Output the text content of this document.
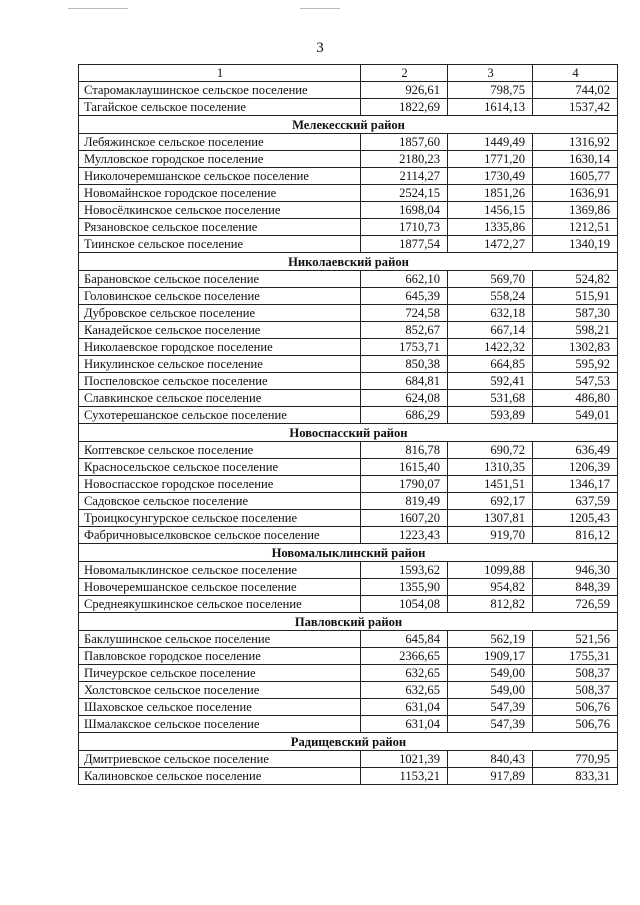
3
1	2	3	4
Старомаклаушинское сельское поселение	926,61	798,75	744,02
Тагайское сельское поселение	1822,69	1614,13	1537,42
Мелекесский район			
Лебяжинское сельское поселение	1857,60	1449,49	1316,92
Мулловское городское поселение	2180,23	1771,20	1630,14
Николочеремшанское сельское поселение	2114,27	1730,49	1605,77
Новомайнское городское поселение	2524,15	1851,26	1636,91
Новосёлкинское сельское поселение	1698,04	1456,15	1369,86
Рязановское сельское поселение	1710,73	1335,86	1212,51
Тиинское сельское поселение	1877,54	1472,27	1340,19
Николаевский район			
Барановское сельское поселение	662,10	569,70	524,82
Головинское сельское поселение	645,39	558,24	515,91
Дубровское сельское поселение	724,58	632,18	587,30
Канадейское сельское поселение	852,67	667,14	598,21
Николаевское городское поселение	1753,71	1422,32	1302,83
Никулинское сельское поселение	850,38	664,85	595,92
Поспеловское сельское поселение	684,81	592,41	547,53
Славкинское сельское поселение	624,08	531,68	486,80
Сухотерешанское сельское поселение	686,29	593,89	549,01
Новоспасский район			
Коптевское сельское поселение	816,78	690,72	636,49
Красносельское сельское поселение	1615,40	1310,35	1206,39
Новоспасское городское поселение	1790,07	1451,51	1346,17
Садовское сельское поселение	819,49	692,17	637,59
Троицкосунгурское сельское поселение	1607,20	1307,81	1205,43
Фабричновыселковское сельское поселение	1223,43	919,70	816,12
Новомалыклинский район			
Новомалыклинское сельское поселение	1593,62	1099,88	946,30
Новочеремшанское сельское поселение	1355,90	954,82	848,39
Среднеякушкинское сельское поселение	1054,08	812,82	726,59
Павловский район			
Баклушинское сельское поселение	645,84	562,19	521,56
Павловское городское поселение	2366,65	1909,17	1755,31
Пичеурское сельское поселение	632,65	549,00	508,37
Холстовское сельское поселение	632,65	549,00	508,37
Шаховское сельское поселение	631,04	547,39	506,76
Шмалакское сельское поселение	631,04	547,39	506,76
Радищевский район			
Дмитриевское сельское поселение	1021,39	840,43	770,95
Калиновское сельское поселение	1153,21	917,89	833,31
